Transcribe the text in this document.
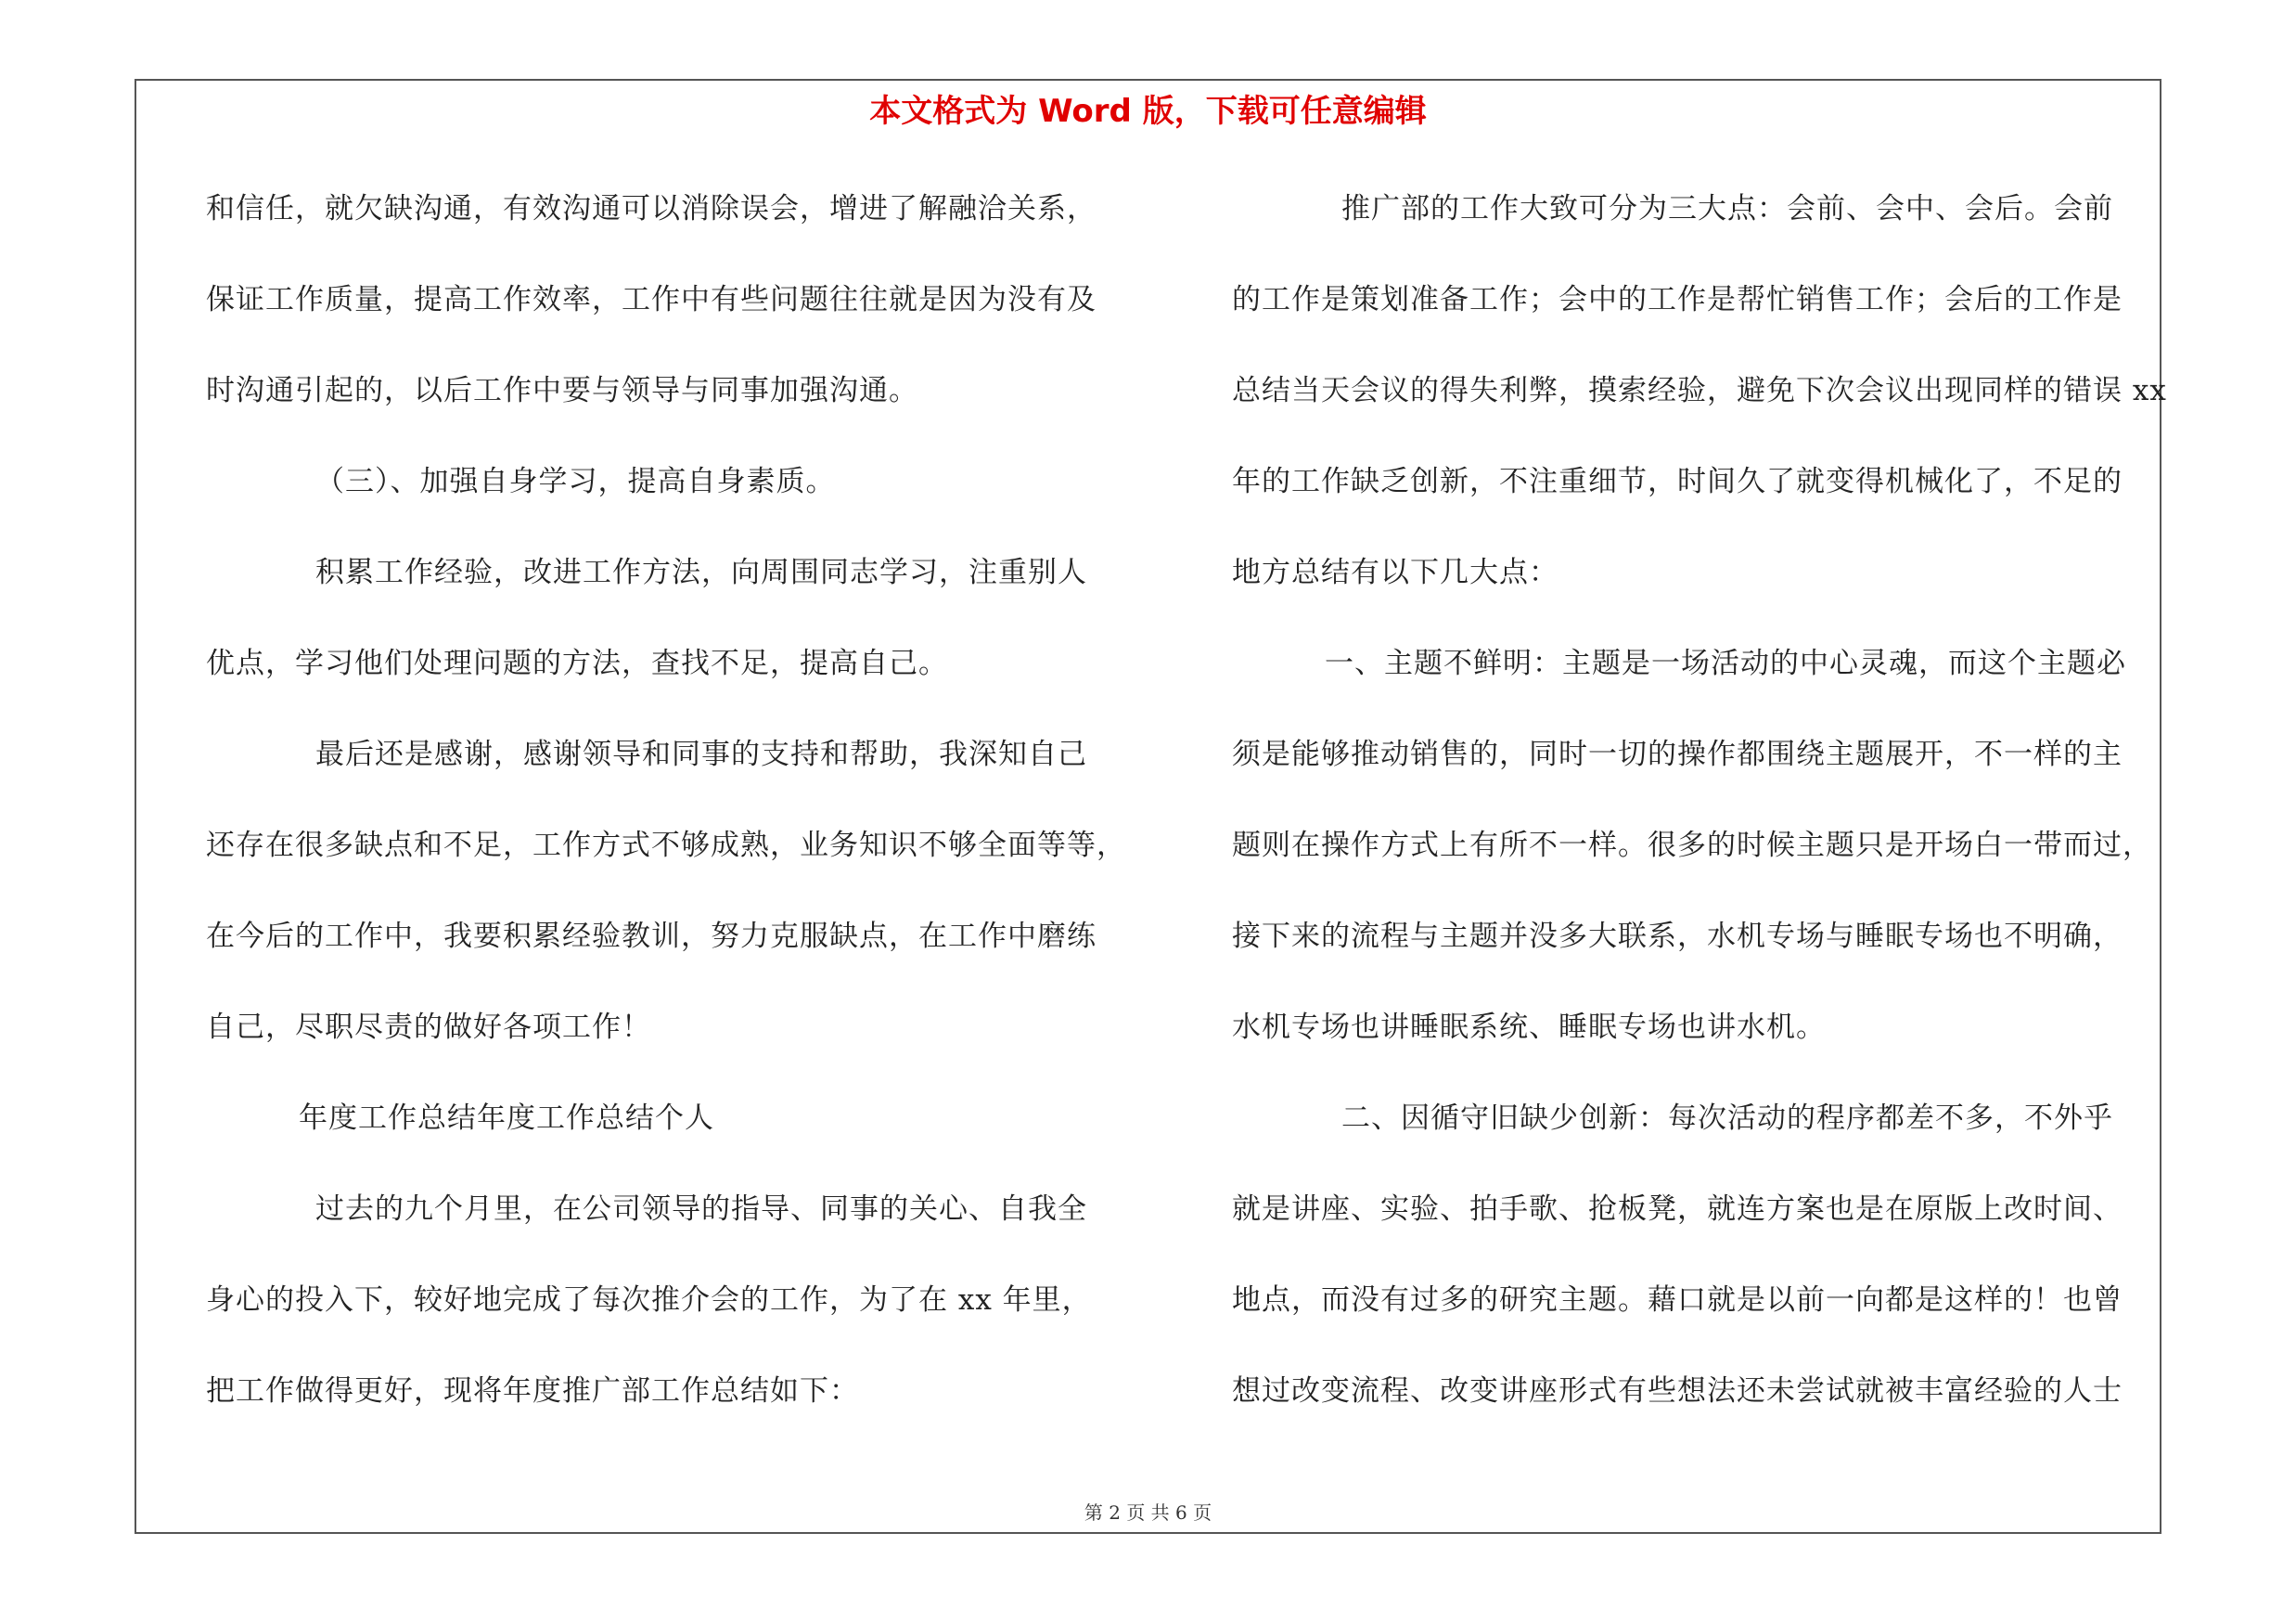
本文格式为 Word 版，下载可任意编辑
和信任，就欠缺沟通，有效沟通可以消除误会，增进了解融洽关系，
保证工作质量，提高工作效率，工作中有些问题往往就是因为没有及
时沟通引起的，以后工作中要与领导与同事加强沟通。
（三）、加强自身学习，提高自身素质。
积累工作经验，改进工作方法，向周围同志学习，注重别人
优点，学习他们处理问题的方法，查找不足，提高自己。
最后还是感谢，感谢领导和同事的支持和帮助，我深知自己
还存在很多缺点和不足，工作方式不够成熟，业务知识不够全面等等，
在今后的工作中，我要积累经验教训，努力克服缺点，在工作中磨练
自己，尽职尽责的做好各项工作！
年度工作总结年度工作总结个人
过去的九个月里，在公司领导的指导、同事的关心、自我全
身心的投入下，较好地完成了每次推介会的工作，为了在 xx 年里，
把工作做得更好，现将年度推广部工作总结如下：
推广部的工作大致可分为三大点：会前、会中、会后。会前
的工作是策划准备工作；会中的工作是帮忙销售工作；会后的工作是
总结当天会议的得失利弊，摸索经验，避免下次会议出现同样的错误 xx
年的工作缺乏创新，不注重细节，时间久了就变得机械化了，不足的
地方总结有以下几大点：
一、主题不鲜明：主题是一场活动的中心灵魂，而这个主题必
须是能够推动销售的，同时一切的操作都围绕主题展开，不一样的主
题则在操作方式上有所不一样。很多的时候主题只是开场白一带而过，
接下来的流程与主题并没多大联系，水机专场与睡眠专场也不明确，
水机专场也讲睡眠系统、睡眠专场也讲水机。
二、因循守旧缺少创新：每次活动的程序都差不多，不外乎
就是讲座、实验、拍手歌、抢板凳，就连方案也是在原版上改时间、
地点，而没有过多的研究主题。藉口就是以前一向都是这样的！也曾
想过改变流程、改变讲座形式有些想法还未尝试就被丰富经验的人士
第 2 页 共 6 页
